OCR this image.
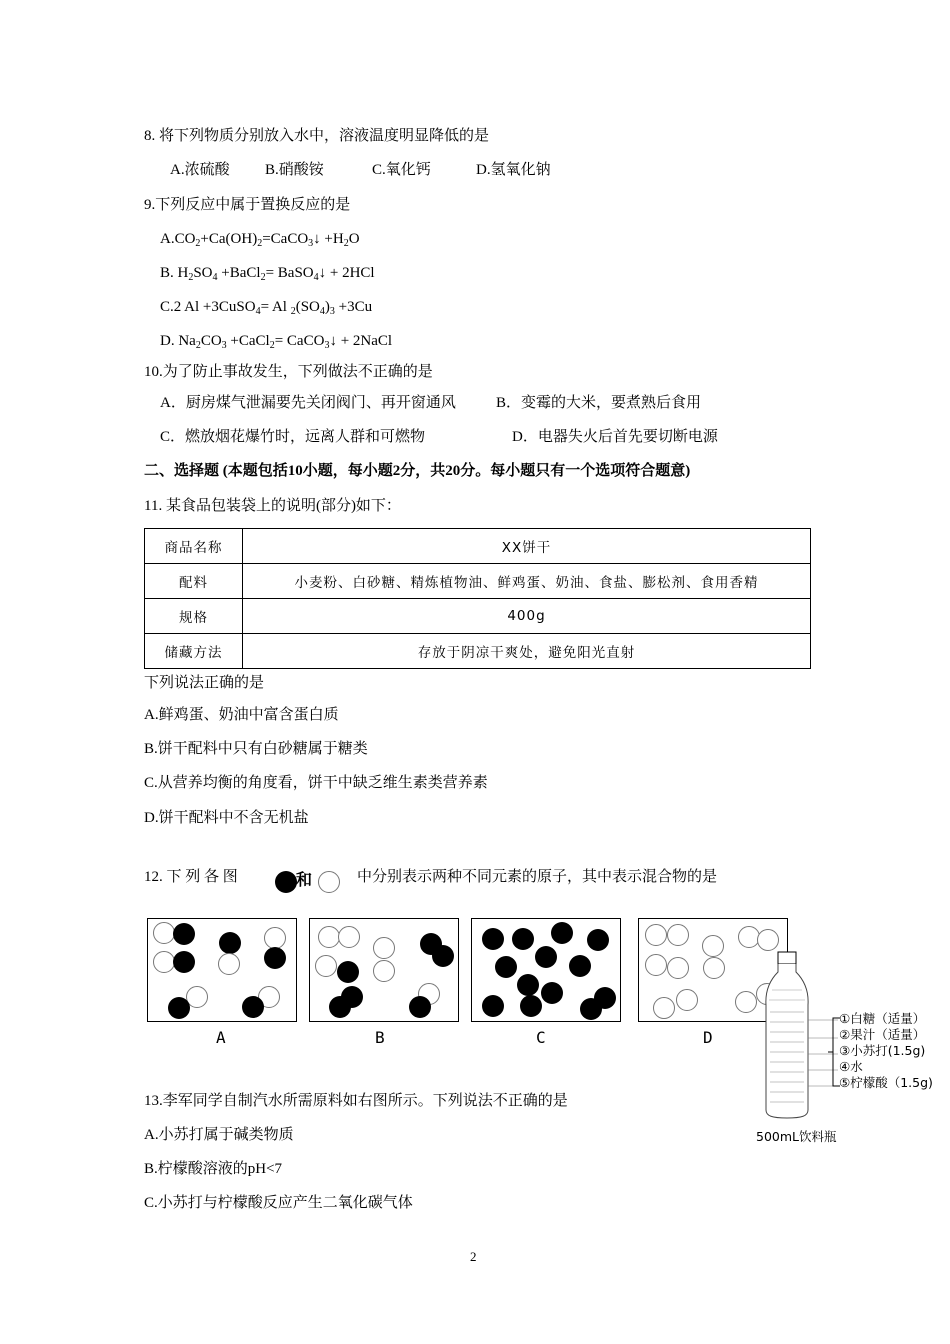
8. 将下列物质分别放入水中，溶液温度明显降低的是
A.浓硫酸 B.硝酸铵	C.氧化钙	D.氢氧化钠
9.下列反应中属于置换反应的是
$A.CO_2+Ca(OH)_2=CaCO_3↓ +H_2O$
B. $H_2SO_4$ +BaCl$_2$= BaSO$_4$↓ + 2HCl
C.2 Al +3CuSO$_4$= Al $_2(SO_4)_3 +3Cu$
D. $Na_2CO_3$ +CaCl$_2$= CaCO$_3$↓ + 2NaCl
10.为了防止事故发生，下列做法不正确的是
A．厨房煤气泄漏要先关闭阀门、再开窗通风	B．变霉的大米，要煮熟后食用
C．燃放烟花爆竹时，远离人群和可燃物	D．电器失火后首先要切断电源
二、选择题 (本题包括10小题，每小题2分，共20分。每小题只有一个选项符合题意)
11. 某食品包装袋上的说明(部分)如下：
商品名称	XX饼干
配料	小麦粉、白砂糖、精炼植物油、鲜鸡蛋、奶油、食盐、膨松剂、食用香精
规格	400g
储藏方法	存放于阴凉干爽处，避免阳光直射
下列说法正确的是
A.鲜鸡蛋、奶油中富含蛋白质
B.饼干配料中只有白砂糖属于糖类
C.从营养均衡的角度看，饼干中缺乏维生素类营养素
D.饼干配料中不含无机盐
12. 下 列 各 图	和	中分别表示两种不同元素的原子，其中表示混合物的是
A	B	C	D
①白糖（适量）
②果汁（适量）
③小苏打(1.5g)
④水
⑤柠檬酸（1.5g)
500mL饮料瓶
13.李军同学自制汽水所需原料如右图所示。下列说法不正确的是
A.小苏打属于碱类物质
B.柠檬酸溶液的pH<7
C.小苏打与柠檬酸反应产生二氧化碳气体
2
